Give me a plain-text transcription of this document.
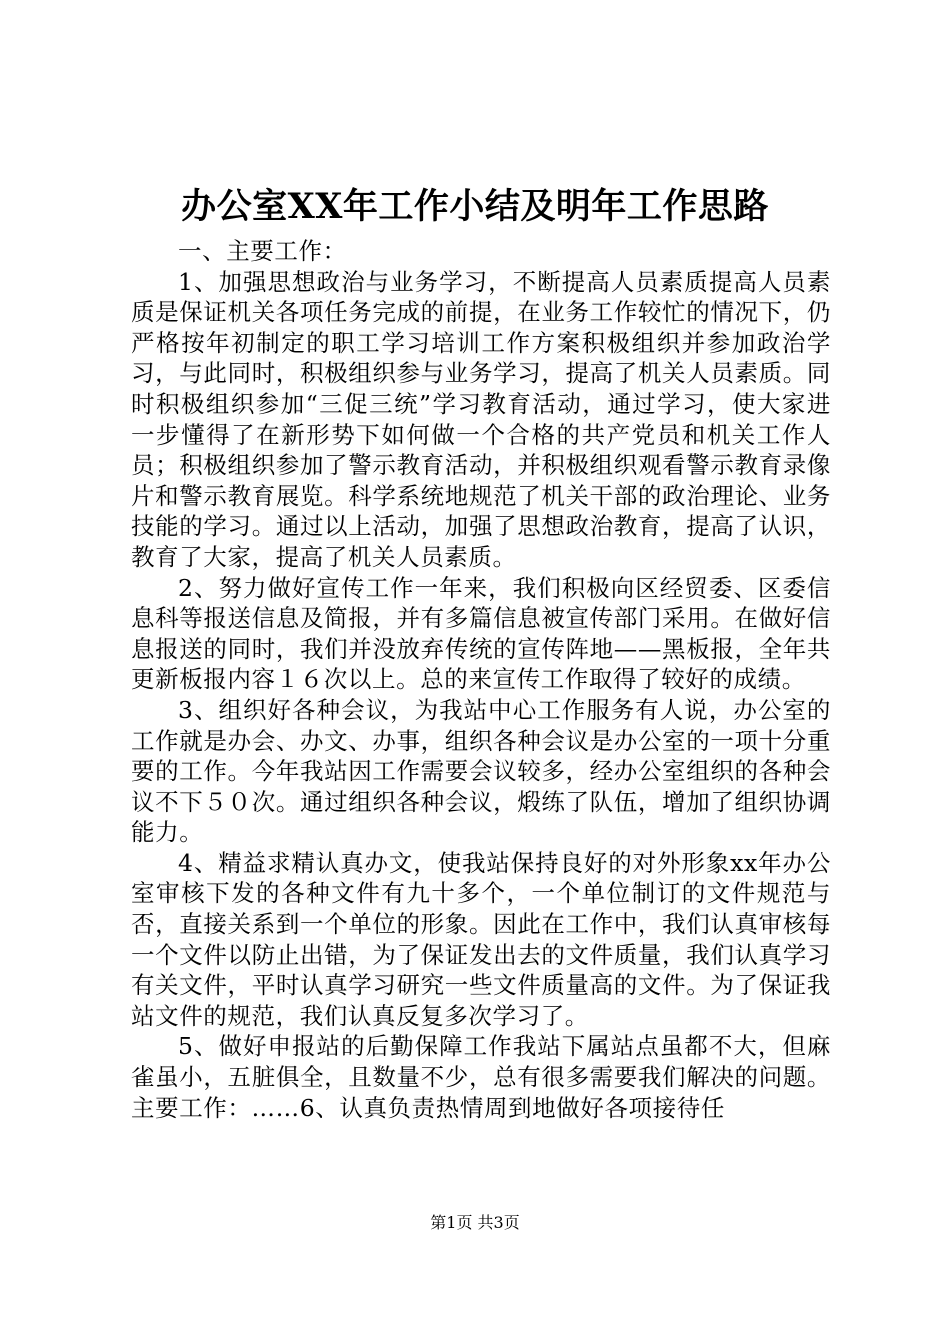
办公室XX年工作小结及明年工作思路

一、主要工作：

1、加强思想政治与业务学习，不断提高人员素质提高人员素质是保证机关各项任务完成的前提，在业务工作较忙的情况下，仍严格按年初制定的职工学习培训工作方案积极组织并参加政治学习，与此同时，积极组织参与业务学习，提高了机关人员素质。同时积极组织参加“三促三统”学习教育活动，通过学习，使大家进一步懂得了在新形势下如何做一个合格的共产党员和机关工作人员；积极组织参加了警示教育活动，并积极组织观看警示教育录像片和警示教育展览。科学系统地规范了机关干部的政治理论、业务技能的学习。通过以上活动，加强了思想政治教育，提高了认识，教育了大家，提高了机关人员素质。

2、努力做好宣传工作一年来，我们积极向区经贸委、区委信息科等报送信息及简报，并有多篇信息被宣传部门采用。在做好信息报送的同时，我们并没放弃传统的宣传阵地——黑板报，全年共更新板报内容１６次以上。总的来宣传工作取得了较好的成绩。

3、组织好各种会议，为我站中心工作服务有人说，办公室的工作就是办会、办文、办事，组织各种会议是办公室的一项十分重要的工作。今年我站因工作需要会议较多，经办公室组织的各种会议不下５０次。通过组织各种会议，煅练了队伍，增加了组织协调能力。

4、精益求精认真办文，使我站保持良好的对外形象xx年办公室审核下发的各种文件有九十多个，一个单位制订的文件规范与否，直接关系到一个单位的形象。因此在工作中，我们认真审核每一个文件以防止出错，为了保证发出去的文件质量，我们认真学习有关文件，平时认真学习研究一些文件质量高的文件。为了保证我站文件的规范，我们认真反复多次学习了。

5、做好申报站的后勤保障工作我站下属站点虽都不大，但麻雀虽小，五脏俱全，且数量不少，总有很多需要我们解决的问题。主要工作：……6、认真负责热情周到地做好各项接待任

第1页 共3页
